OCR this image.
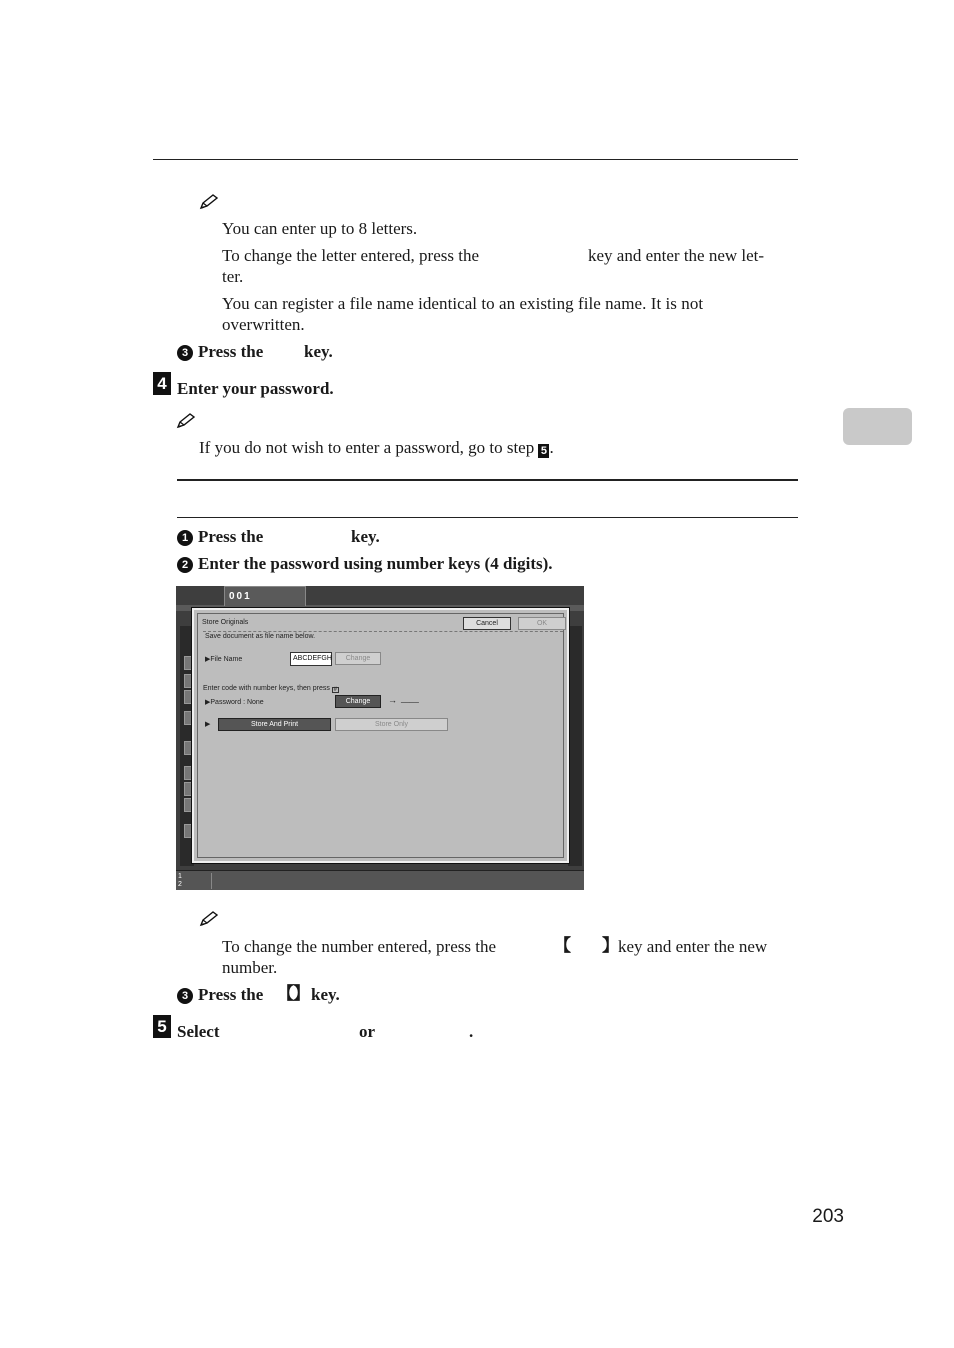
You can enter up to 8 letters.
To change the letter entered, press the	key and enter the new let-
ter.
You can register a file name identical to an existing file name. It is not
overwritten.
3 Press the key.
4 Enter your password.
If you do not wish to enter a password, go to step 5 .
1 Press the	key.
2 Enter the password using number keys (4 digits).
001
1
2
Store Originals
Save document as file name below.
Cancel	OK
▶File Name	ABCDEFGH	Change
Enter code with number keys, then press #
▶Password : None	Change	→ ____
▶	Store And Print	Store Only
To change the number entered, press the	【 】 key and enter the new
number.
3 Press the 【 】 key.
5 Select	or	.
203
